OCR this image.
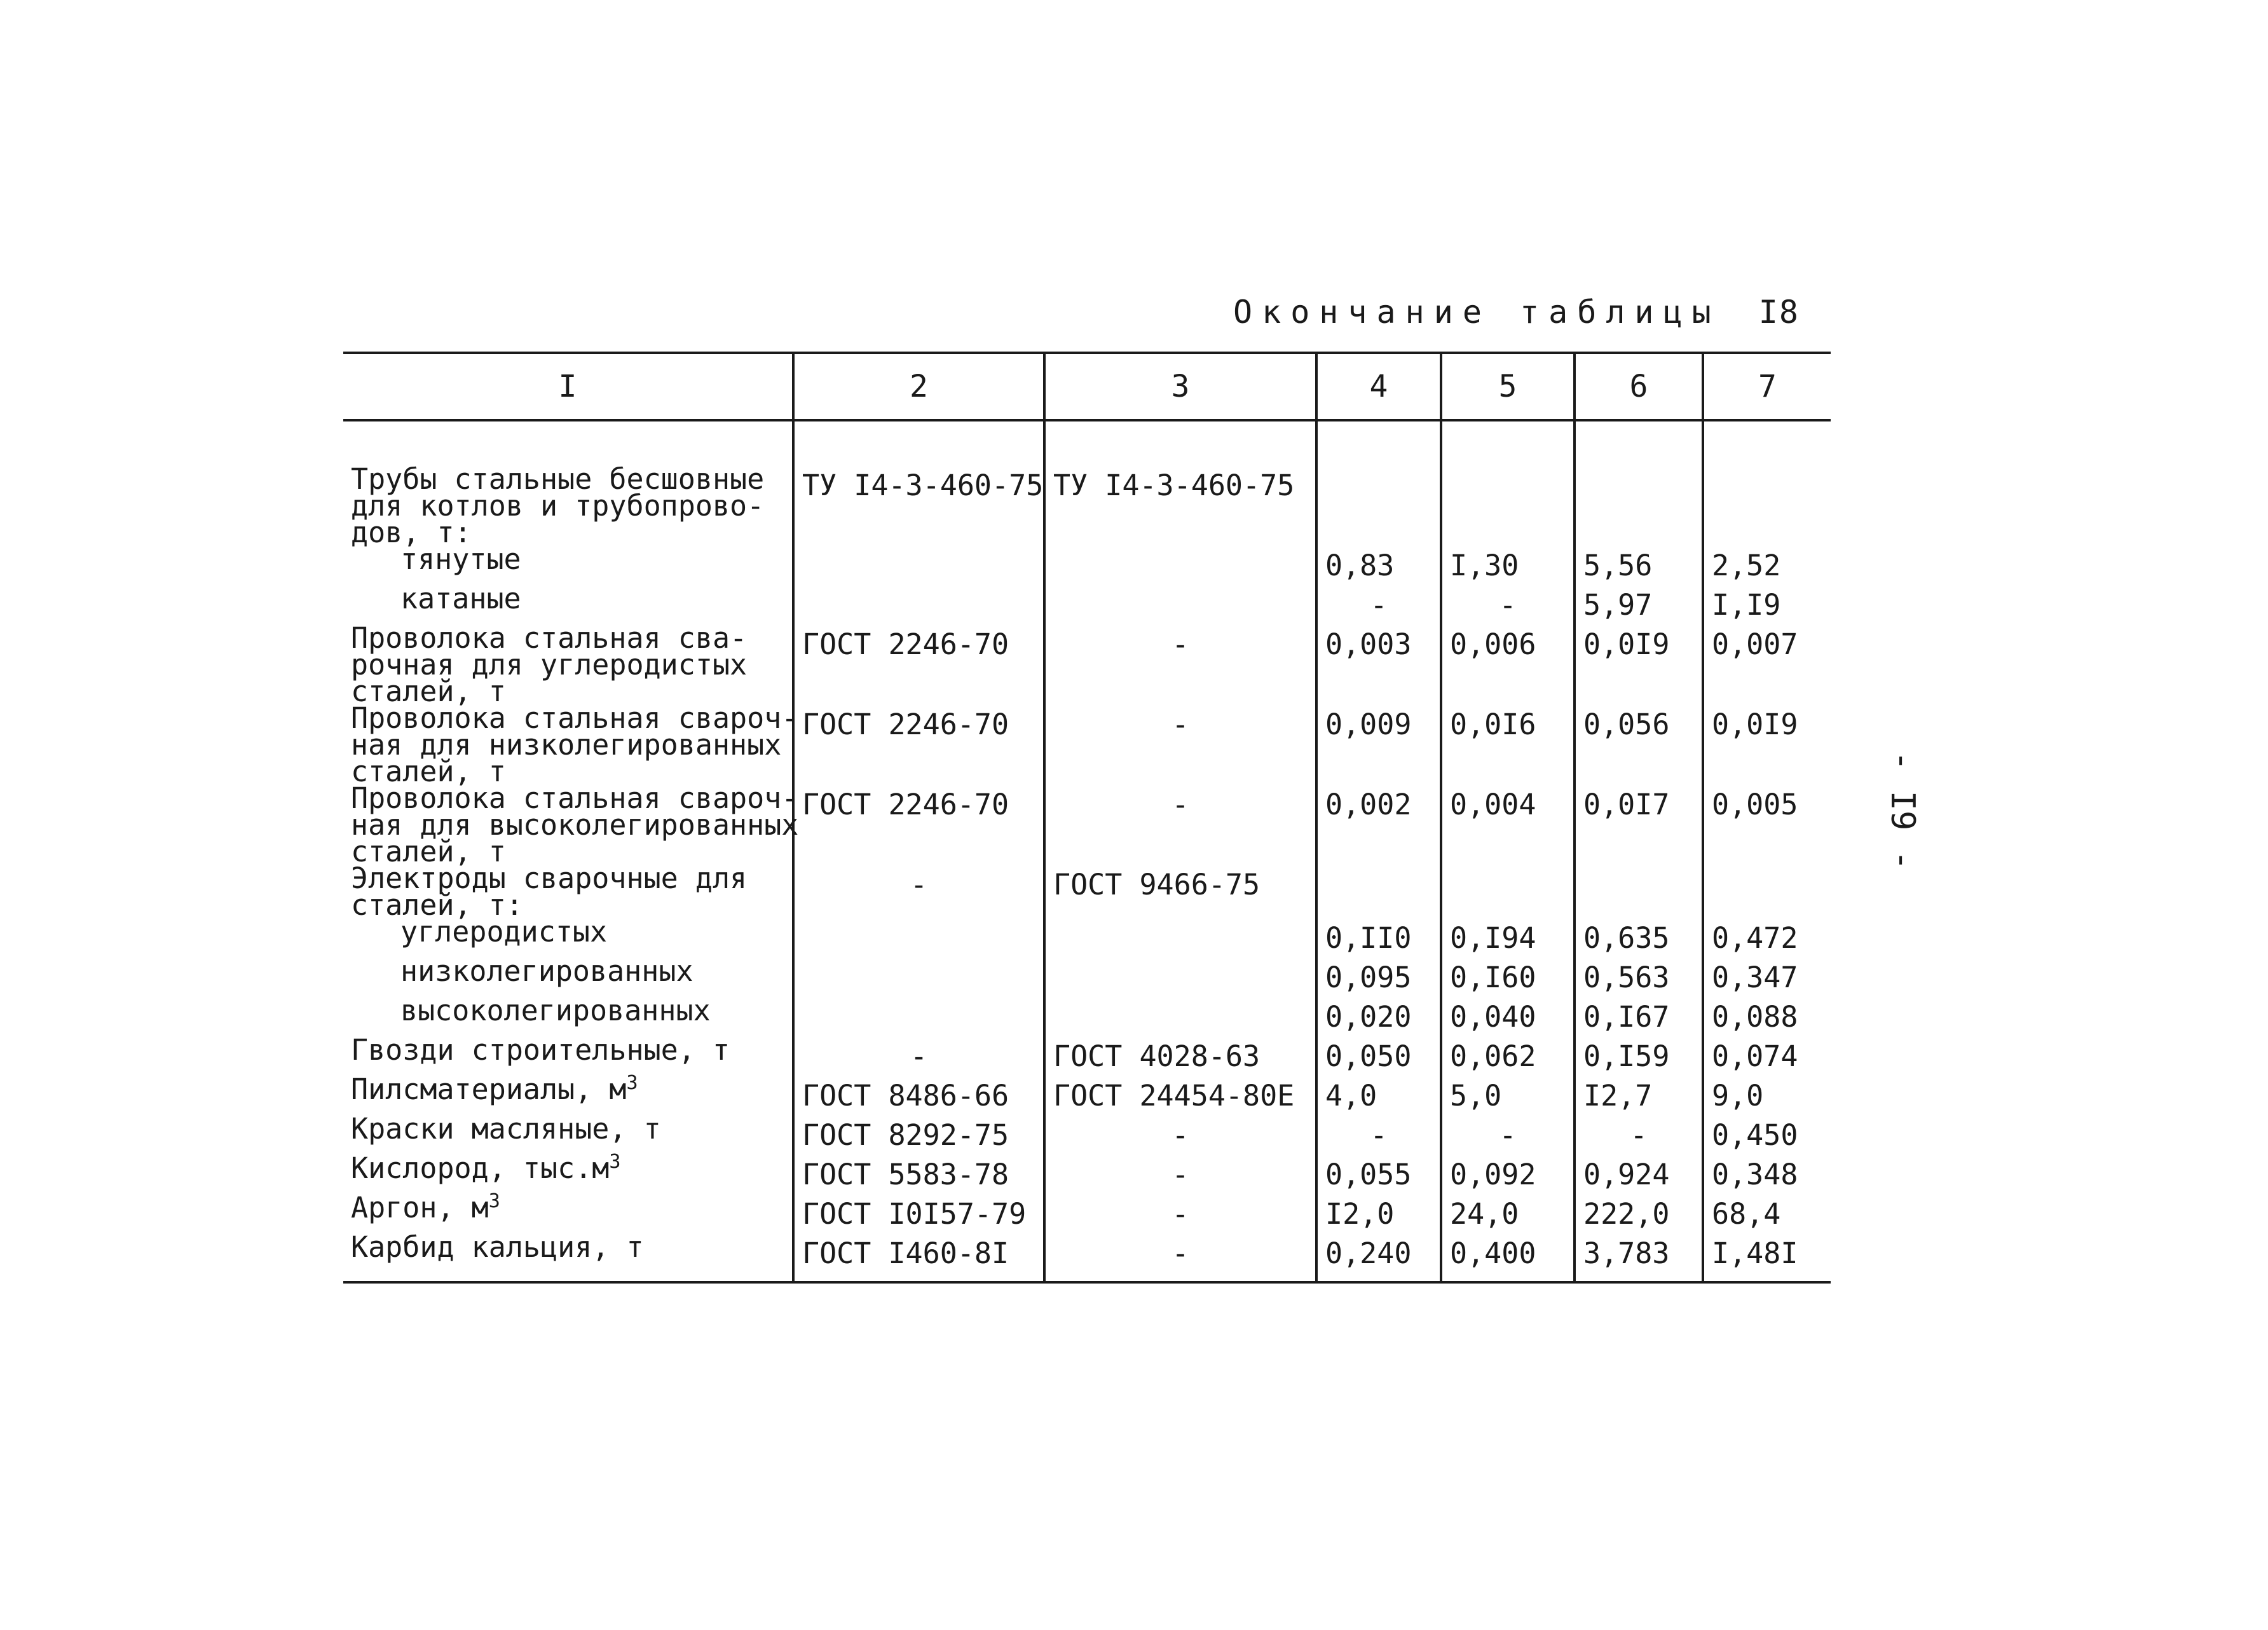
Окончание таблицы I8
- I9 -
I	2	3	4	5	6	7

Трубы стальные бесшовные
для котлов и трубопрово-
дов, т:	ТУ I4-3-460-75	ТУ I4-3-460-75				

тянутые			0,83	I,30	5,56	2,52

катаные			-	-	5,97	I,I9

Проволока стальная сва-
рочная для углеродистых
сталей, т	ГОСТ 2246-70	-	0,003	0,006	0,0I9	0,007

Проволока стальная свароч-
ная для низколегированных
сталей, т	ГОСТ 2246-70	-	0,009	0,0I6	0,056	0,0I9

Проволока стальная свароч-
ная для высоколегированных
сталей, т	ГОСТ 2246-70	-	0,002	0,004	0,0I7	0,005

Электроды сварочные для
сталей, т:	-	ГОСТ 9466-75				

углеродистых			0,II0	0,I94	0,635	0,472

низколегированных			0,095	0,I60	0,563	0,347

высоколегированных			0,020	0,040	0,I67	0,088

Гвозди строительные, т	-	ГОСТ 4028-63	0,050	0,062	0,I59	0,074

Пилсматериалы, $м^3$	ГОСТ 8486-66	ГОСТ 24454-80Е	4,0	5,0	I2,7	9,0

Краски масляные, т	ГОСТ 8292-75	-	-	-	-	0,450

Кислород, $тыс.м^3$	ГОСТ 5583-78	-	0,055	0,092	0,924	0,348

Аргон, $м^3$	ГОСТ I0I57-79	-	I2,0	24,0	222,0	68,4

Карбид кальция, т	ГОСТ I460-8I	-	0,240	0,400	3,783	I,48I
